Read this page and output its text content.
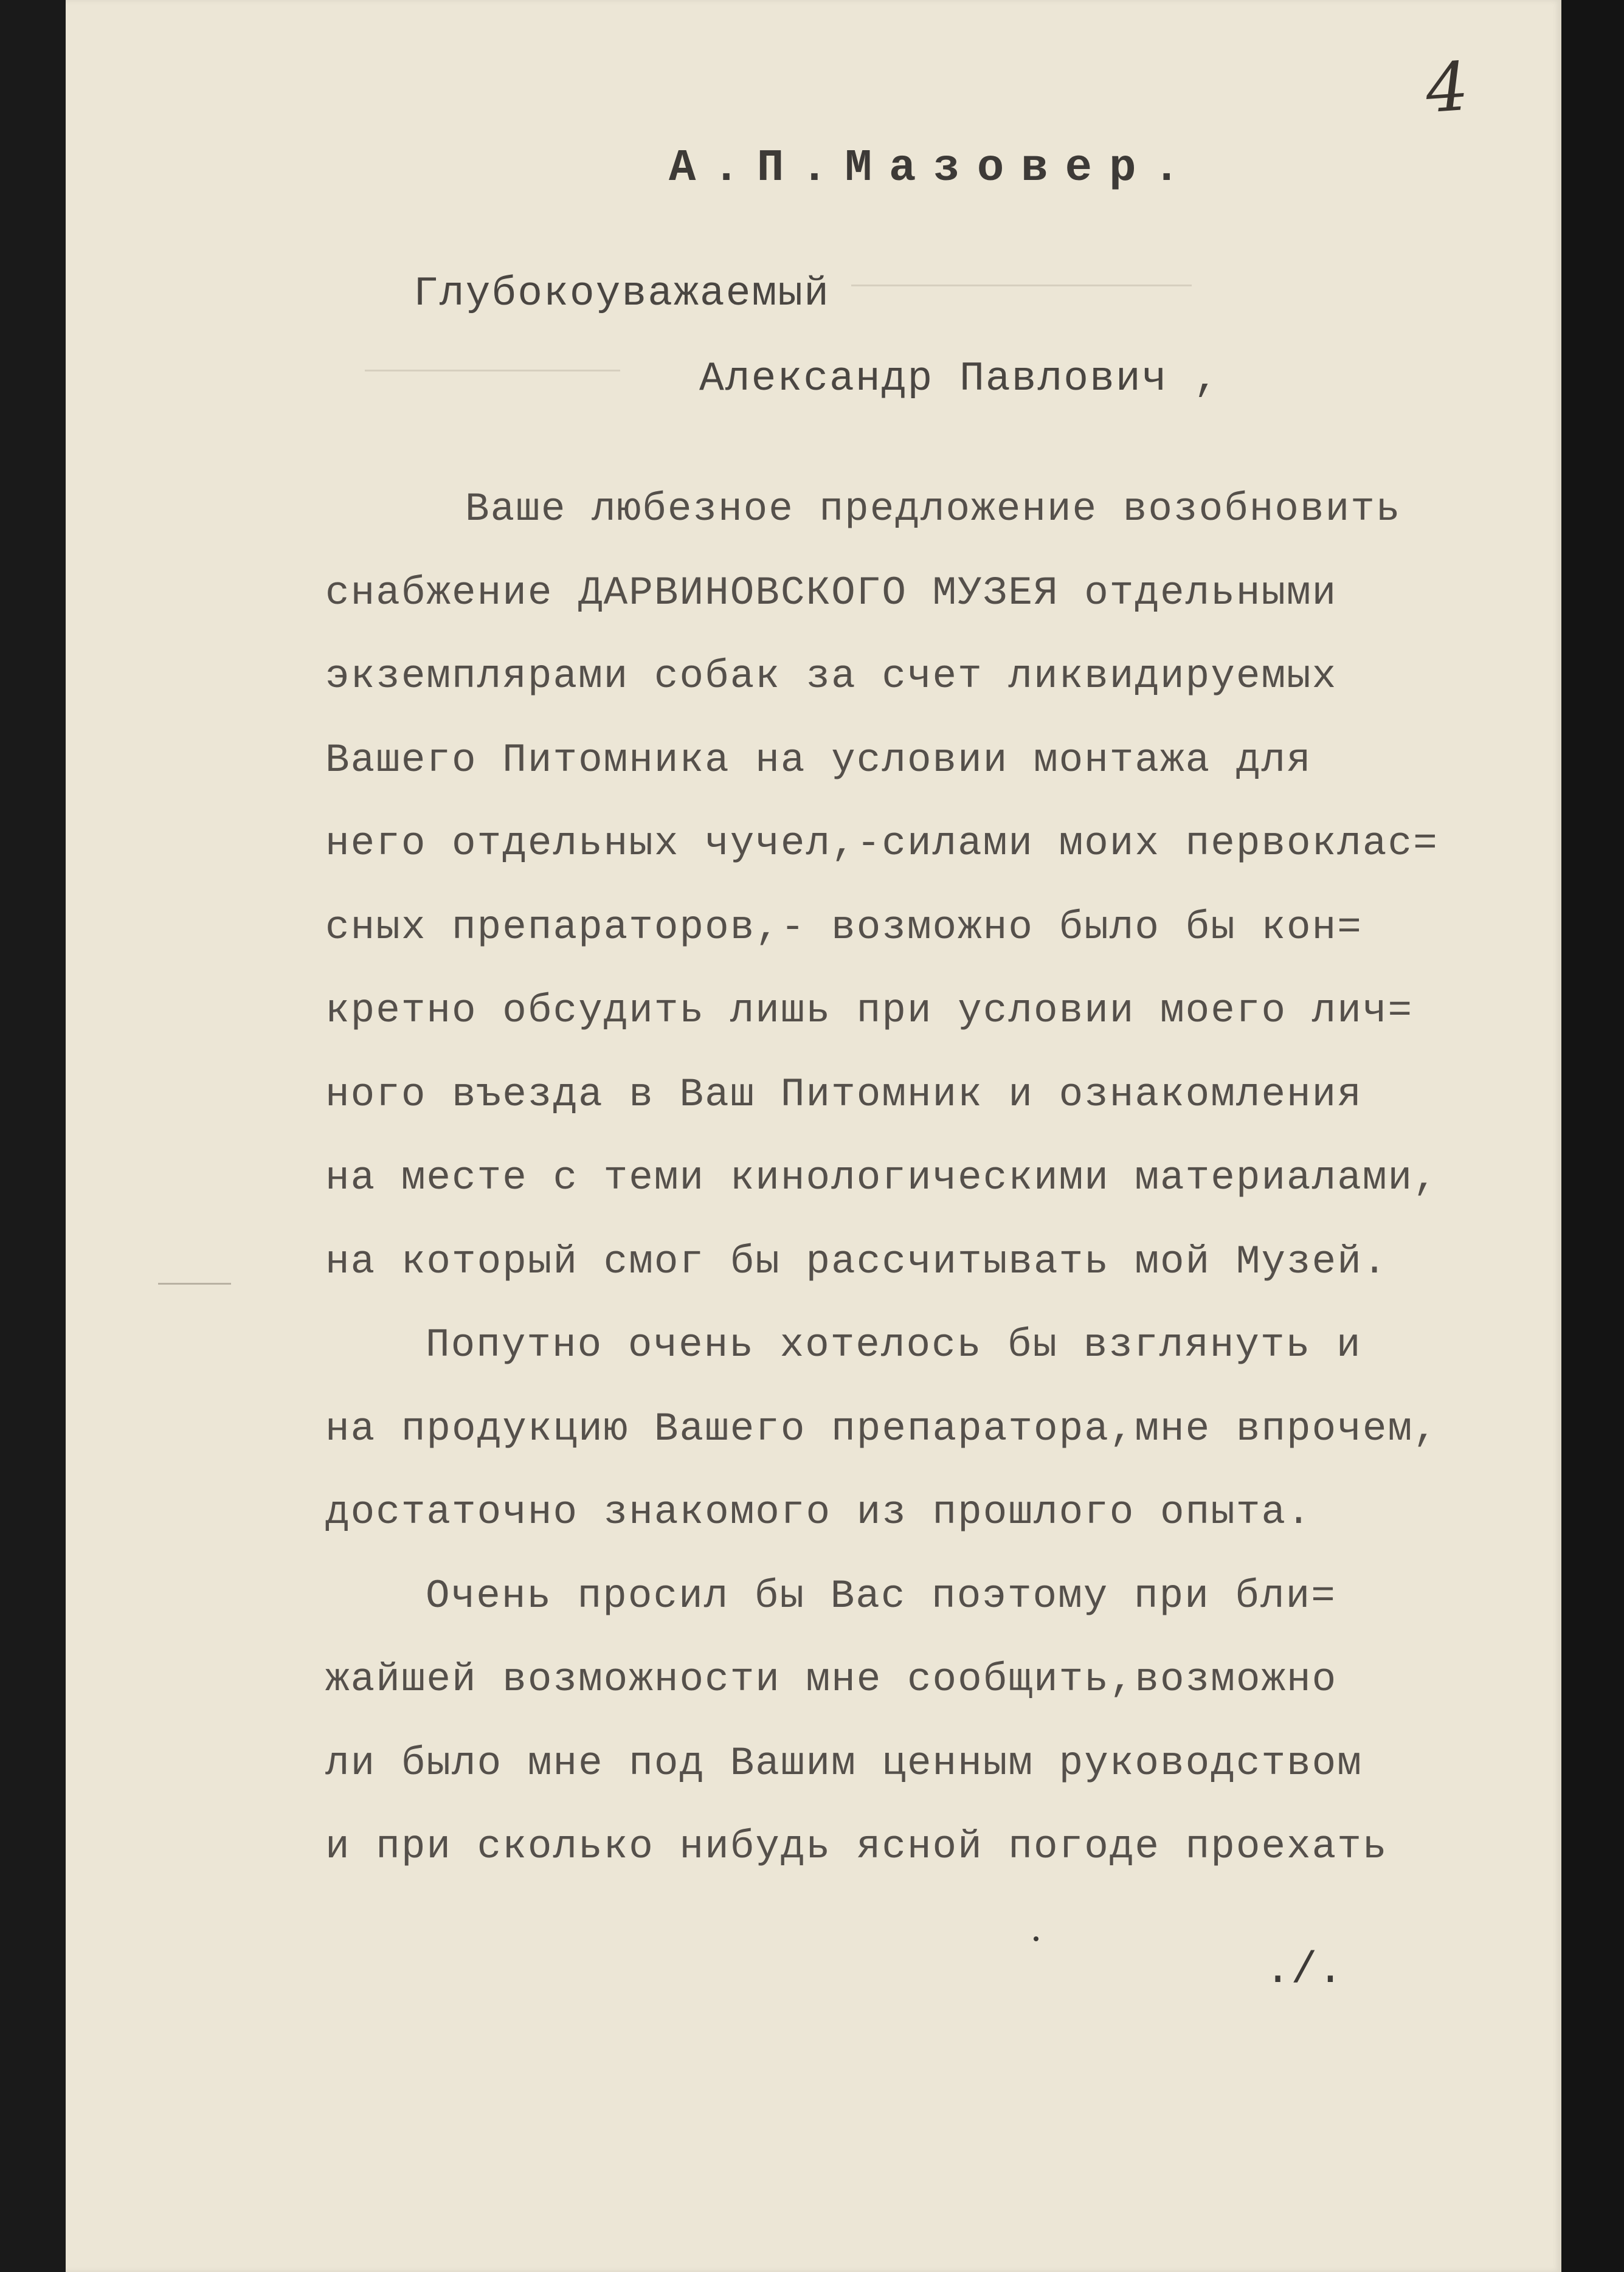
4
А.П.Мазовер.
Глубокоуважаемый
Александр Павлович ,
Ваше любезное предложение возобновить
снабжение ДАРВИНОВСКОГО МУЗЕЯ отдельными
экземплярами собак за счет ликвидируемых
Вашего Питомника на условии монтажа для
него отдельных чучел,-силами моих первоклас=
сных препараторов,- возможно было бы кон=
кретно обсудить лишь при условии моего лич=
ного въезда в Ваш Питомник и ознакомления
на месте с теми кинологическими материалами,
на который смог бы рассчитывать мой Музей.
Попутно очень хотелось бы взглянуть и
на продукцию Вашего препаратора,мне впрочем,
достаточно знакомого из прошлого опыта.
Очень просил бы Вас поэтому при бли=
жайшей возможности мне сообщить,возможно
ли было мне под Вашим ценным руководством
и при сколько нибудь ясной погоде проехать
./.
